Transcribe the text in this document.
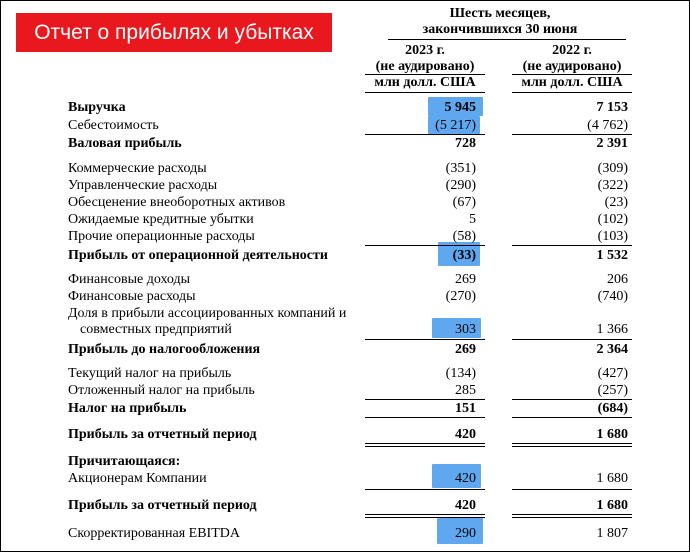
Отчет о прибылях и убытках
Шесть месяцев,
закончившихся 30 июня
2023 г.
(не аудировано)
млн долл. США
2022 г.
(не аудировано)
млн долл. США
Выручка	5 945	7 153
Себестоимость	(5 217)	(4 762)
Валовая прибыль	728	2 391
Коммерческие расходы	(351)	(309)
Управленческие расходы	(290)	(322)
Обесценение внеоборотных активов	(67)	(23)
Ожидаемые кредитные убытки	5	(102)
Прочие операционные расходы	(58)	(103)
Прибыль от операционной деятельности	(33)	1 532
Финансовые доходы	269	206
Финансовые расходы	(270)	(740)
Доля в прибыли ассоциированных компаний и
совместных предприятий	303	1 366
Прибыль до налогообложения	269	2 364
Текущий налог на прибыль	(134)	(427)
Отложенный налог на прибыль	285	(257)
Налог на прибыль	151	(684)
Прибыль за отчетный период	420	1 680
Причитающаяся:
Акционерам Компании	420	1 680
Прибыль за отчетный период	420	1 680
Скорректированная EBITDA	290	1 807
